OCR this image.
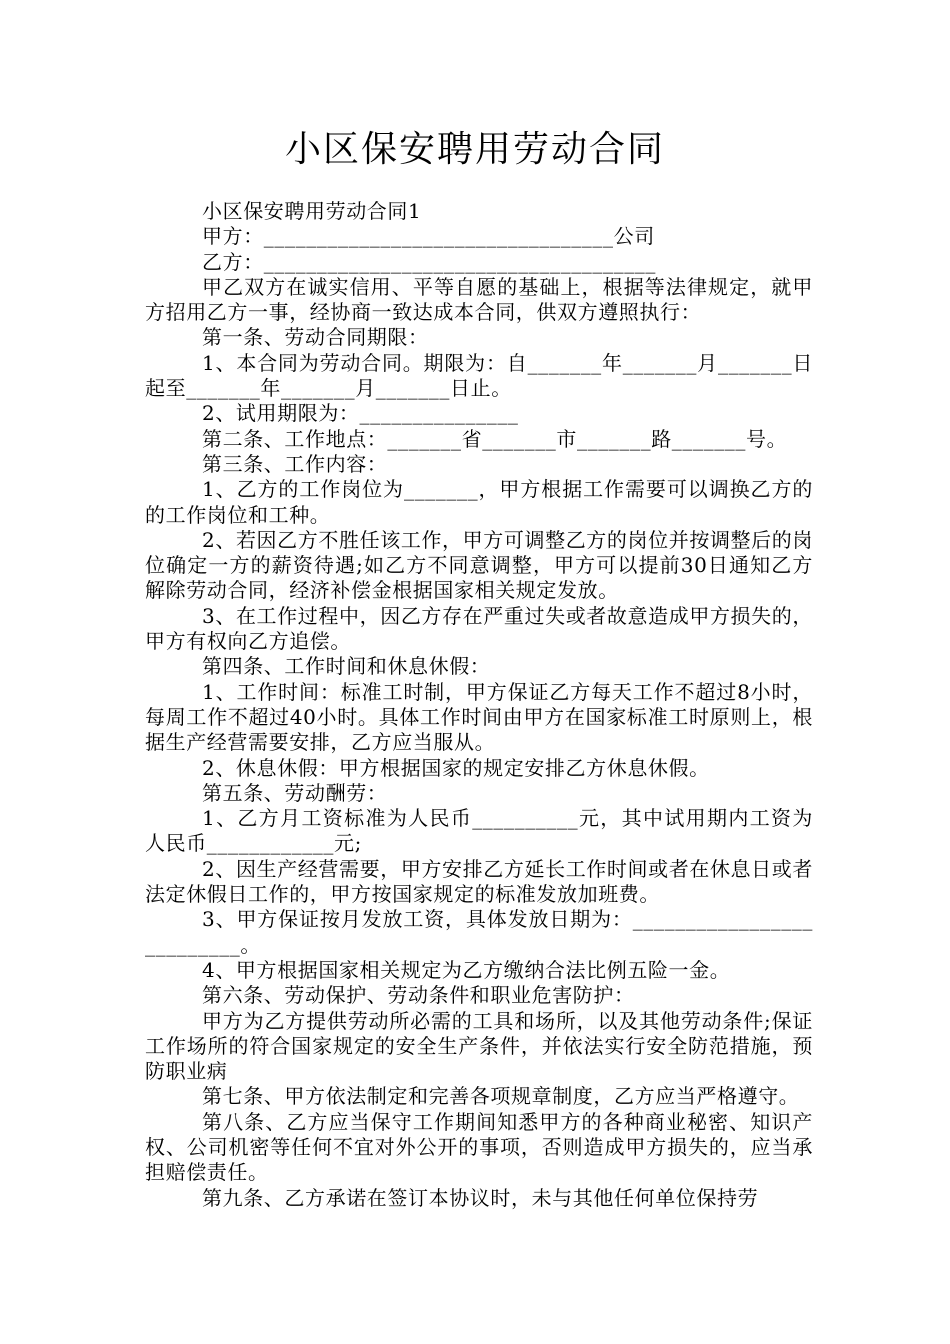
小区保安聘用劳动合同

小区保安聘用劳动合同1

甲方：_________________________________公司

乙方：_____________________________________

甲乙双方在诚实信用、平等自愿的基础上，根据等法律规定，就甲方招用乙方一事，经协商一致达成本合同，供双方遵照执行：

第一条、劳动合同期限：

1、本合同为劳动合同。期限为：自_______年_______月_______日起至_______年_______月_______日止。

2、试用期限为：_______________

第二条、工作地点：_______省_______市_______路_______号。

第三条、工作内容：

1、乙方的工作岗位为_______，甲方根据工作需要可以调换乙方的的工作岗位和工种。

2、若因乙方不胜任该工作，甲方可调整乙方的岗位并按调整后的岗位确定一方的薪资待遇;如乙方不同意调整，甲方可以提前30日通知乙方解除劳动合同，经济补偿金根据国家相关规定发放。

3、在工作过程中，因乙方存在严重过失或者故意造成甲方损失的，甲方有权向乙方追偿。

第四条、工作时间和休息休假：

1、工作时间：标准工时制，甲方保证乙方每天工作不超过8小时，每周工作不超过40小时。具体工作时间由甲方在国家标准工时原则上，根据生产经营需要安排，乙方应当服从。

2、休息休假：甲方根据国家的规定安排乙方休息休假。

第五条、劳动酬劳：

1、乙方月工资标准为人民币__________元，其中试用期内工资为人民币____________元;

2、因生产经营需要，甲方安排乙方延长工作时间或者在休息日或者法定休假日工作的，甲方按国家规定的标准发放加班费。

3、甲方保证按月发放工资，具体发放日期为：__________________________。

4、甲方根据国家相关规定为乙方缴纳合法比例五险一金。

第六条、劳动保护、劳动条件和职业危害防护：

甲方为乙方提供劳动所必需的工具和场所，以及其他劳动条件;保证工作场所的符合国家规定的安全生产条件，并依法实行安全防范措施，预防职业病

第七条、甲方依法制定和完善各项规章制度，乙方应当严格遵守。

第八条、乙方应当保守工作期间知悉甲方的各种商业秘密、知识产权、公司机密等任何不宜对外公开的事项，否则造成甲方损失的，应当承担赔偿责任。

第九条、乙方承诺在签订本协议时，未与其他任何单位保持劳
